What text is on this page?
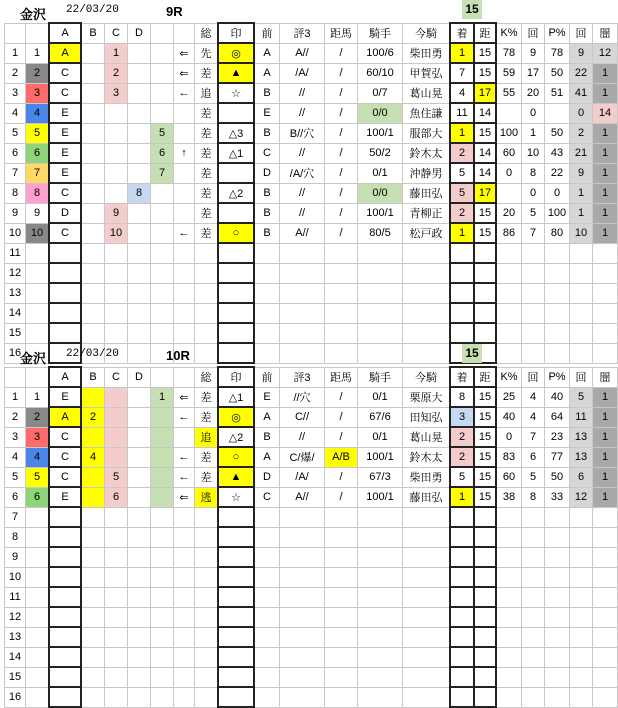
金沢 22/03/20	9R	15
		A	B	C	D			総	印	前	評3	距馬	騎手	今騎	着	距	K%	回	P%	回	闇
1	1	A		1			⇐	先	◎	A	A//	/	100/6	柴田勇	1	15	78	9	78	9	12
2	2	C		2			⇐	差	▲	A	/A/	/	60/10	甲賀弘	7	15	59	17	50	22	1
3	3	C		3			←	追	☆	B	//	/	0/7	葛山晃	4	17	55	20	51	41	1
4	4	E						差		E	//	/	0/0	魚住謙	11	14		0		0	14
5	5	E				5		差	△3	B	B//穴	/	100/1	服部大	1	15	100	1	50	2	1
6	6	E				6	↑	差	△1	C	//	/	50/2	鈴木太	2	14	60	10	43	21	1
7	7	E				7		差		D	/A/穴	/	0/1	沖静男	5	14	0	8	22	9	1
8	8	C			8			差	△2	B	//	/	0/0	藤田弘	5	17		0	0	1	1
9	9	D		9				差		B	//	/	100/1	青柳正	2	15	20	5	100	1	1
10	10	C		10			←	差	○	B	A//	/	80/5	松戸政	1	15	86	7	80	10	1
11																					
12																					
13																					
14																					
15																					
16																					
金沢 22/03/20	10R	15
		A	B	C	D			総	印	前	評3	距馬	騎手	今騎	着	距	K%	回	P%	回	闇
1	1	E				1	⇐	差	△1	E	//穴	/	0/1	栗原大	8	15	25	4	40	5	1
2	2	A	2				←	差	◎	A	C//	/	67/6	田知弘	3	15	40	4	64	11	1
3	3	C						追	△2	B	//	/	0/1	葛山晃	2	15	0	7	23	13	1
4	4	C	4				←	差	○	A	C/爆/	A/B	100/1	鈴木太	2	15	83	6	77	13	1
5	5	C		5			←	差	▲	D	/A/	/	67/3	柴田勇	5	15	60	5	50	6	1
6	6	E		6			⇐	逃	☆	C	A//	/	100/1	藤田弘	1	15	38	8	33	12	1
7																					
8																					
9																					
10																					
11																					
12																					
13																					
14																					
15																					
16																					
